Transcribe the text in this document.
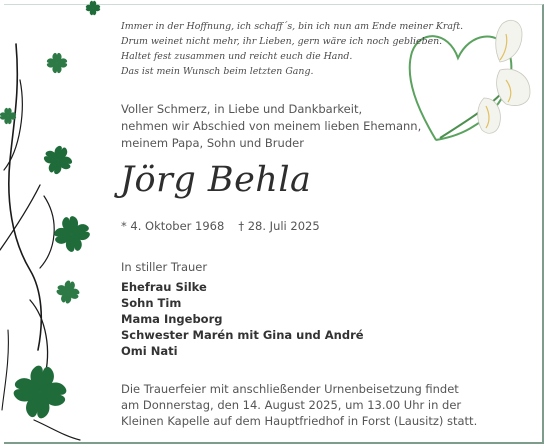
Immer in der Hoffnung, ich schaff´s, bin ich nun am Ende meiner Kraft.
Drum weinet nicht mehr, ihr Lieben, gern wäre ich noch geblieben.
Haltet fest zusammen und reicht euch die Hand.
Das ist mein Wunsch beim letzten Gang.
Voller Schmerz, in Liebe und Dankbarkeit,
nehmen wir Abschied von meinem lieben Ehemann,
meinem Papa, Sohn und Bruder
Jörg Behla
* 4. Oktober 1968 † 28. Juli 2025
In stiller Trauer
Ehefrau Silke
Sohn Tim
Mama Ingeborg
Schwester Marén mit Gina und André
Omi Nati
Die Trauerfeier mit anschließender Urnenbeisetzung findet
am Donnerstag, den 14. August 2025, um 13.00 Uhr in der
Kleinen Kapelle auf dem Hauptfriedhof in Forst (Lausitz) statt.
